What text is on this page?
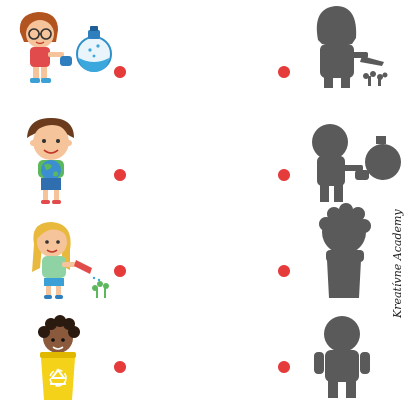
Kreatívne Academy
